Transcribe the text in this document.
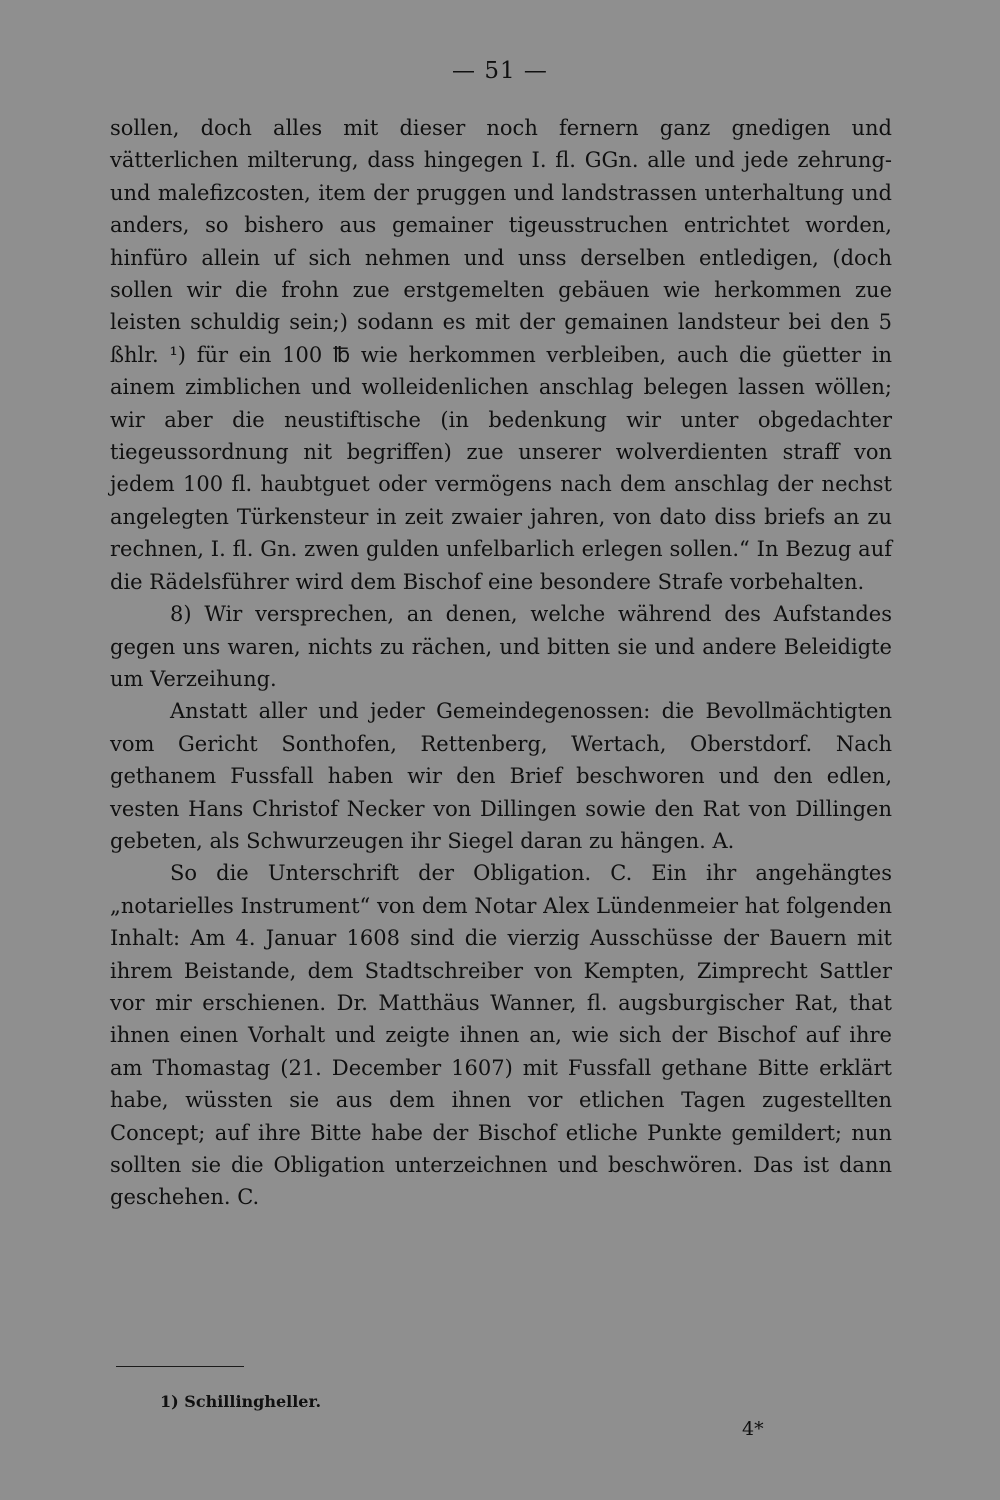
— 51 —

sollen, doch alles mit dieser noch fernern ganz gnedigen und vätterlichen milterung, dass hingegen I. fl. GGn. alle und jede zehrung- und malefizcosten, item der pruggen und landstrassen unterhaltung und anders, so bishero aus gemainer tigeusstruchen entrichtet worden, hinfüro allein uf sich nehmen und unss derselben entledigen, (doch sollen wir die frohn zue erstgemelten gebäuen wie herkommen zue leisten schuldig sein;) sodann es mit der gemainen landsteur bei den 5 ßhlr. ¹) für ein 100 ℔ wie herkommen verbleiben, auch die güetter in ainem zimblichen und wolleidenlichen anschlag belegen lassen wöllen; wir aber die neustiftische (in bedenkung wir unter obgedachter tiegeussordnung nit begriffen) zue unserer wolverdienten straff von jedem 100 fl. haubtguet oder vermögens nach dem anschlag der nechst angelegten Türkensteur in zeit zwaier jahren, von dato diss briefs an zu rechnen, I. fl. Gn. zwen gulden unfelbarlich erlegen sollen.“ In Bezug auf die Rädelsführer wird dem Bischof eine besondere Strafe vorbehalten.

8) Wir versprechen, an denen, welche während des Aufstandes gegen uns waren, nichts zu rächen, und bitten sie und andere Beleidigte um Verzeihung.

Anstatt aller und jeder Gemeindegenossen: die Bevollmächtigten vom Gericht Sonthofen, Rettenberg, Wertach, Oberstdorf. Nach gethanem Fussfall haben wir den Brief beschworen und den edlen, vesten Hans Christof Necker von Dillingen sowie den Rat von Dillingen gebeten, als Schwurzeugen ihr Siegel daran zu hängen. A.

So die Unterschrift der Obligation. C. Ein ihr angehängtes „notarielles Instrument“ von dem Notar Alex Lündenmeier hat folgenden Inhalt: Am 4. Januar 1608 sind die vierzig Ausschüsse der Bauern mit ihrem Beistande, dem Stadtschreiber von Kempten, Zimprecht Sattler vor mir erschienen. Dr. Matthäus Wanner, fl. augsburgischer Rat, that ihnen einen Vorhalt und zeigte ihnen an, wie sich der Bischof auf ihre am Thomastag (21. December 1607) mit Fussfall gethane Bitte erklärt habe, wüssten sie aus dem ihnen vor etlichen Tagen zugestellten Concept; auf ihre Bitte habe der Bischof etliche Punkte gemildert; nun sollten sie die Obligation unterzeichnen und beschwören. Das ist dann geschehen. C.

1) Schillingheller.
4*
